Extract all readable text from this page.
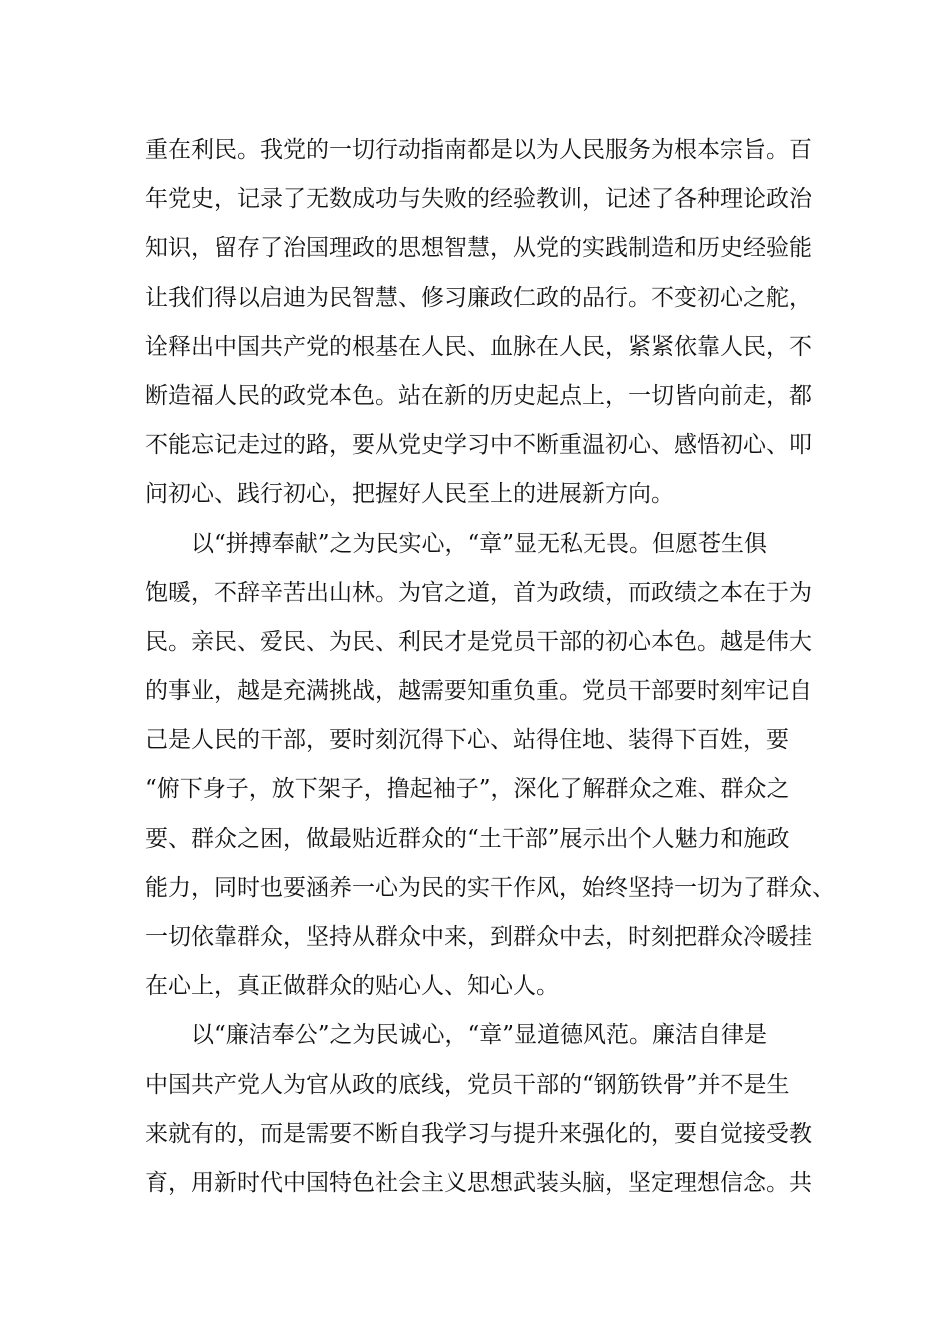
重在利民。我党的一切行动指南都是以为人民服务为根本宗旨。百
年党史，记录了无数成功与失败的经验教训，记述了各种理论政治
知识，留存了治国理政的思想智慧，从党的实践制造和历史经验能
让我们得以启迪为民智慧、修习廉政仁政的品行。不变初心之舵，
诠释出中国共产党的根基在人民、血脉在人民，紧紧依靠人民，不
断造福人民的政党本色。站在新的历史起点上，一切皆向前走，都
不能忘记走过的路，要从党史学习中不断重温初心、感悟初心、叩
问初心、践行初心，把握好人民至上的进展新方向。
以“拼搏奉献”之为民实心，“章”显无私无畏。但愿苍生俱
饱暖，不辞辛苦出山林。为官之道，首为政绩，而政绩之本在于为
民。亲民、爱民、为民、利民才是党员干部的初心本色。越是伟大
的事业，越是充满挑战，越需要知重负重。党员干部要时刻牢记自
己是人民的干部，要时刻沉得下心、站得住地、装得下百姓，要
“俯下身子，放下架子，撸起袖子”，深化了解群众之难、群众之
要、群众之困，做最贴近群众的“土干部”展示出个人魅力和施政
能力，同时也要涵养一心为民的实干作风，始终坚持一切为了群众、
一切依靠群众，坚持从群众中来，到群众中去，时刻把群众冷暖挂
在心上，真正做群众的贴心人、知心人。
以“廉洁奉公”之为民诚心，“章”显道德风范。廉洁自律是
中国共产党人为官从政的底线，党员干部的“钢筋铁骨”并不是生
来就有的，而是需要不断自我学习与提升来强化的，要自觉接受教
育，用新时代中国特色社会主义思想武装头脑，坚定理想信念。共
